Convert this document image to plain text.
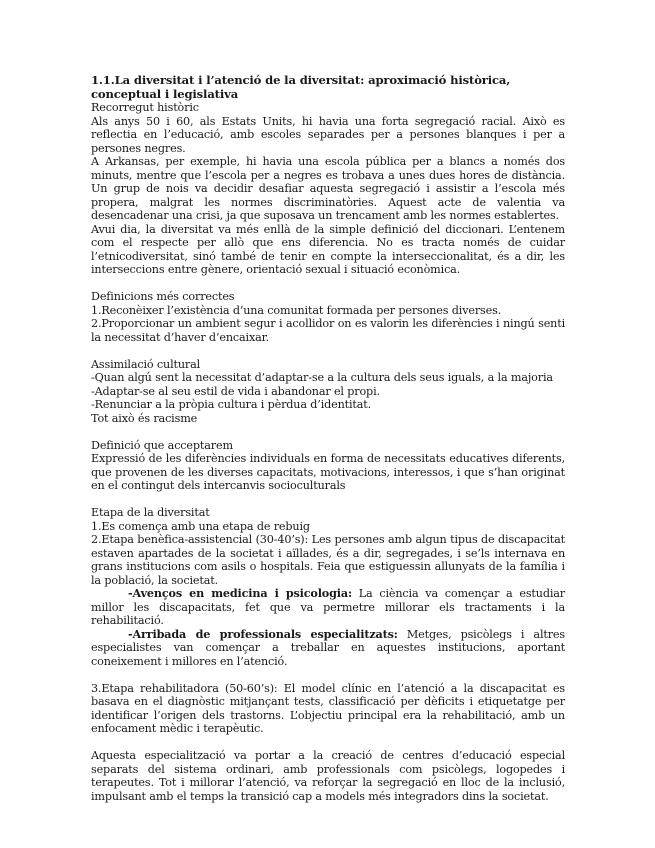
1.1.La diversitat i l’atenció de la diversitat: aproximació històrica, conceptual i legislativa

Recorregut històric

Als anys 50 i 60, als Estats Units, hi havia una forta segregació racial. Això es reflectia en l’educació, amb escoles separades per a persones blanques i per a persones negres.

A Arkansas, per exemple, hi havia una escola pública per a blancs a només dos minuts, mentre que l’escola per a negres es trobava a unes dues hores de distància. Un grup de nois va decidir desafiar aquesta segregació i assistir a l’escola més propera, malgrat les normes discriminatòries. Aquest acte de valentia va desencadenar una crisi, ja que suposava un trencament amb les normes establertes.

Avui dia, la diversitat va més enllà de la simple definició del diccionari. L’entenem com el respecte per allò que ens diferencia. No es tracta només de cuidar l’etnicodiversitat, sinó també de tenir en compte la interseccionalitat, és a dir, les interseccions entre gènere, orientació sexual i situació econòmica.

Definicions més correctes

1.Reconèixer l’existència d’una comunitat formada per persones diverses.

2.Proporcionar un ambient segur i acollidor on es valorin les diferències i ningú senti la necessitat d’haver d’encaixar.

Assimilació cultural

-Quan algú sent la necessitat d’adaptar-se a la cultura dels seus iguals, a la majoria

-Adaptar-se al seu estil de vida i abandonar el propi.

-Renunciar a la pròpia cultura i pèrdua d’identitat.

Tot això és racisme

Definició que acceptarem

Expressió de les diferències individuals en forma de necessitats educatives diferents, que provenen de les diverses capacitats, motivacions, interessos, i que s’han originat en el contingut dels intercanvis socioculturals

Etapa de la diversitat

1.Es comença amb una etapa de rebuig

2.Etapa benèfica-assistencial (30-40’s): Les persones amb algun tipus de discapacitat estaven apartades de la societat i aïllades, és a dir, segregades, i se’ls internava en grans institucions com asils o hospitals. Feia que estiguessin allunyats de la família i la població, la societat.

-Avenços en medicina i psicologia: La ciència va començar a estudiar millor les discapacitats, fet que va permetre millorar els tractaments i la rehabilitació.

-Arribada de professionals especialitzats: Metges, psicòlegs i altres especialistes van començar a treballar en aquestes institucions, aportant coneixement i millores en l’atenció.

3.Etapa rehabilitadora (50-60’s): El model clínic en l’atenció a la discapacitat es basava en el diagnòstic mitjançant tests, classificació per dèficits i etiquetatge per identificar l’origen dels trastorns. L’objectiu principal era la rehabilitació, amb un enfocament mèdic i terapèutic.

Aquesta especialització va portar a la creació de centres d’educació especial separats del sistema ordinari, amb professionals com psicòlegs, logopedes i terapeutes. Tot i millorar l’atenció, va reforçar la segregació en lloc de la inclusió, impulsant amb el temps la transició cap a models més integradors dins la societat.
